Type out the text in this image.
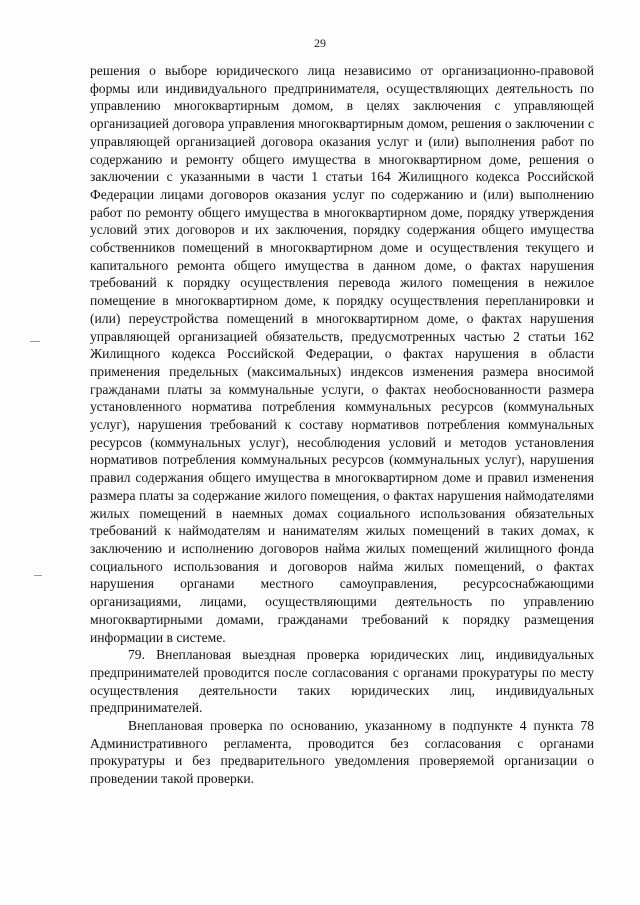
29

решения о выборе юридического лица независимо от организационно-правовой формы или индивидуального предпринимателя, осуществляющих деятельность по управлению многоквартирным домом, в целях заключения с управляющей организацией договора управления многоквартирным домом, решения о заключении с управляющей организацией договора оказания услуг и (или) выполнения работ по содержанию и ремонту общего имущества в многоквартирном доме, решения о заключении с указанными в части 1 статьи 164 Жилищного кодекса Российской Федерации лицами договоров оказания услуг по содержанию и (или) выполнению работ по ремонту общего имущества в многоквартирном доме, порядку утверждения условий этих договоров и их заключения, порядку содержания общего имущества собственников помещений в многоквартирном доме и осуществления текущего и капитального ремонта общего имущества в данном доме, о фактах нарушения требований к порядку осуществления перевода жилого помещения в нежилое помещение в многоквартирном доме, к порядку осуществления перепланировки и (или) переустройства помещений в многоквартирном доме, о фактах нарушения управляющей организацией обязательств, предусмотренных частью 2 статьи 162 Жилищного кодекса Российской Федерации, о фактах нарушения в области применения предельных (максимальных) индексов изменения размера вносимой гражданами платы за коммунальные услуги, о фактах необоснованности размера установленного норматива потребления коммунальных ресурсов (коммунальных услуг), нарушения требований к составу нормативов потребления коммунальных ресурсов (коммунальных услуг), несоблюдения условий и методов установления нормативов потребления коммунальных ресурсов (коммунальных услуг), нарушения правил содержания общего имущества в многоквартирном доме и правил изменения размера платы за содержание жилого помещения, о фактах нарушения наймодателями жилых помещений в наемных домах социального использования обязательных требований к наймодателям и нанимателям жилых помещений в таких домах, к заключению и исполнению договоров найма жилых помещений жилищного фонда социального использования и договоров найма жилых помещений, о фактах нарушения органами местного самоуправления, ресурсоснабжающими организациями, лицами, осуществляющими деятельность по управлению многоквартирными домами, гражданами требований к порядку размещения информации в системе.

79. Внеплановая выездная проверка юридических лиц, индивидуальных предпринимателей проводится после согласования с органами прокуратуры по месту осуществления деятельности таких юридических лиц, индивидуальных предпринимателей.

Внеплановая проверка по основанию, указанному в подпункте 4 пункта 78 Административного регламента, проводится без согласования с органами прокуратуры и без предварительного уведомления проверяемой организации о проведении такой проверки.
